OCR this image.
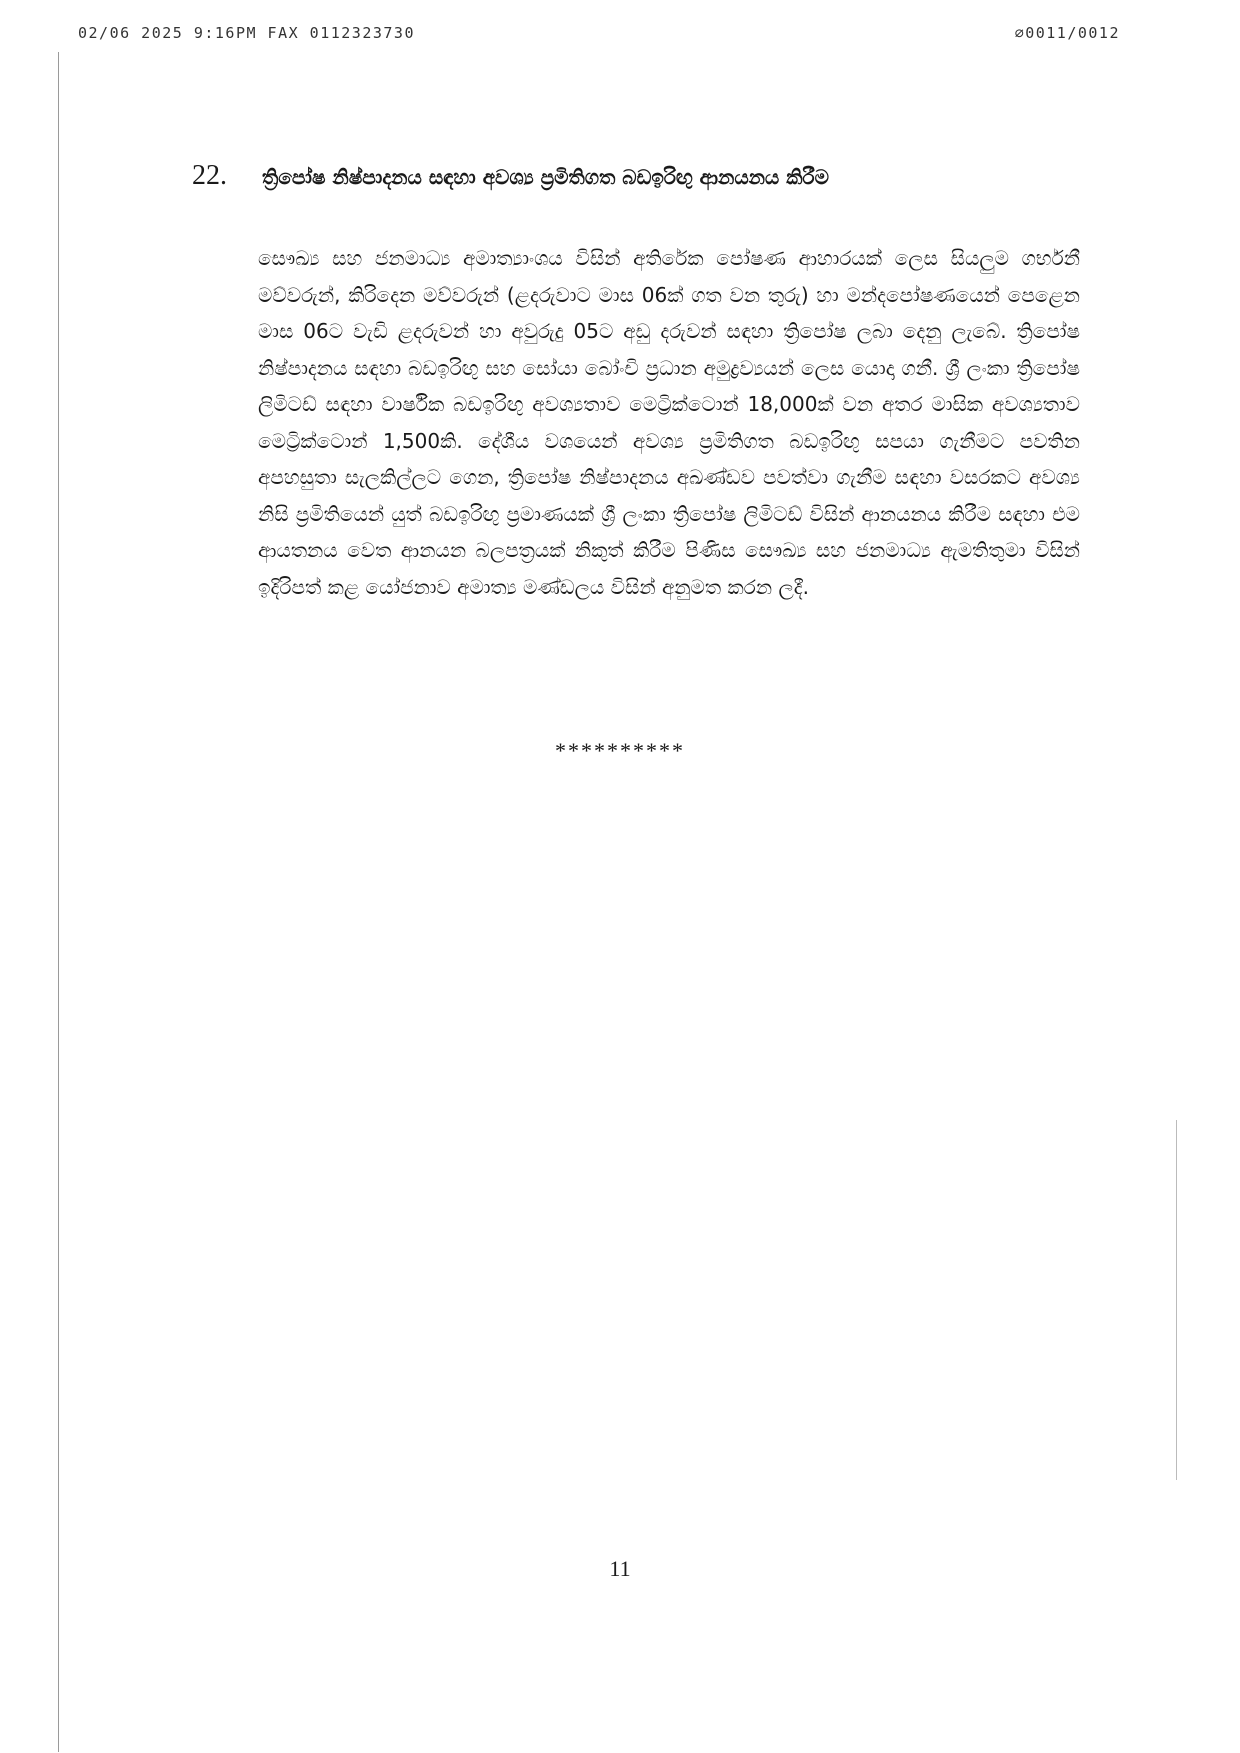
02/06 2025 9:16PM FAX 0112323730	∅0011/0012
22. ත්‍රිපෝෂ නිෂ්පාදනය සඳහා අවශ්‍ය ප්‍රමිතිගත බඩඉරිඟු ආනයනය කිරීම
සෞඛ්‍ය සහ ජනමාධ්‍ය අමාත්‍යාංශය විසින් අතිරේක පෝෂණ ආහාරයක් ලෙස සියලුම ගර්භනී මව්වරුන්, කිරිදෙන මව්වරුන් (ළදරුවාට මාස 06ක් ගත වන තුරු) හා මන්දපෝෂණයෙන් පෙළෙන මාස 06ට වැඩි ළදරුවන් හා අවුරුදු 05ට අඩු දරුවන් සඳහා ත්‍රිපෝෂ ලබා දෙනු ලැබේ. ත්‍රිපෝෂ නිෂ්පාදනය සඳහා බඩඉරිඟු සහ සෝයා බෝංචි ප්‍රධාන අමුද්‍රව්‍යයන් ලෙස යොදා ගනී. ශ්‍රී ලංකා ත්‍රිපෝෂ ලිමිටඩ් සඳහා වාර්ෂික බඩඉරිඟු අවශ්‍යතාව මෙට්‍රික්ටොන් 18,000ක් වන අතර මාසික අවශ්‍යතාව මෙට්‍රික්ටොන් 1,500කි. දේශීය වශයෙන් අවශ්‍ය ප්‍රමිතිගත බඩඉරිඟු සපයා ගැනීමට පවතින අපහසුතා සැලකිල්ලට ගෙන, ත්‍රිපෝෂ නිෂ්පාදනය අඛණ්ඩව පවත්වා ගැනීම සඳහා වසරකට අවශ්‍ය නිසි ප්‍රමිතියෙන් යුත් බඩඉරිඟු ප්‍රමාණයක් ශ්‍රී ලංකා ත්‍රිපෝෂ ලිමිටඩ් විසින් ආනයනය කිරීම සඳහා එම ආයතනය වෙත ආනයන බලපත්‍රයක් නිකුත් කිරීම පිණිස සෞඛ්‍ය සහ ජනමාධ්‍ය ඇමතිතුමා විසින් ඉදිරිපත් කළ යෝජනාව අමාත්‍ය මණ්ඩලය විසින් අනුමත කරන ලදී.
**********
11
